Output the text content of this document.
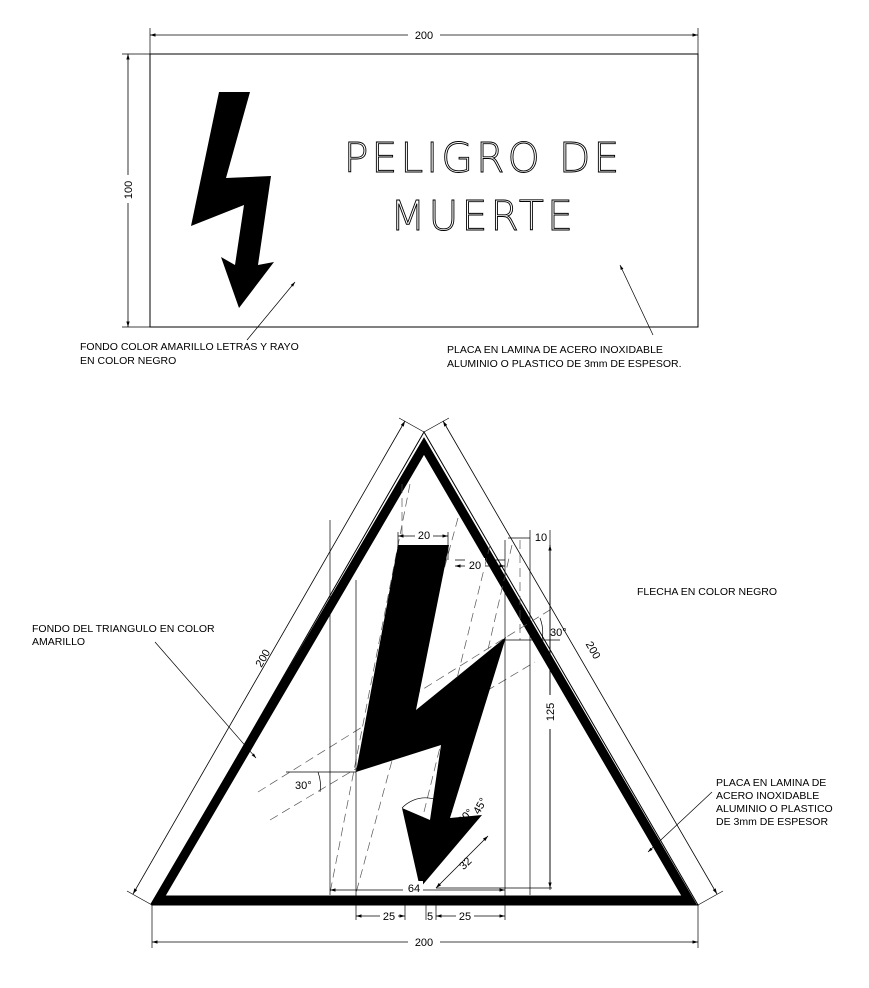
PELIGRO DE
MUERTE
200
100
FONDO COLOR AMARILLO LETRAS Y RAYO
EN COLOR NEGRO
PLACA EN LAMINA DE ACERO INOXIDABLE
ALUMINIO O PLASTICO DE 3mm DE ESPESOR.
20
20
10
125
64
25	5 25
200
200	200
30°
30°
90°
45°
32
FONDO DEL TRIANGULO EN COLOR
AMARILLO
FLECHA EN COLOR NEGRO
PLACA EN LAMINA DE
ACERO INOXIDABLE
ALUMINIO O PLASTICO
DE 3mm DE ESPESOR
